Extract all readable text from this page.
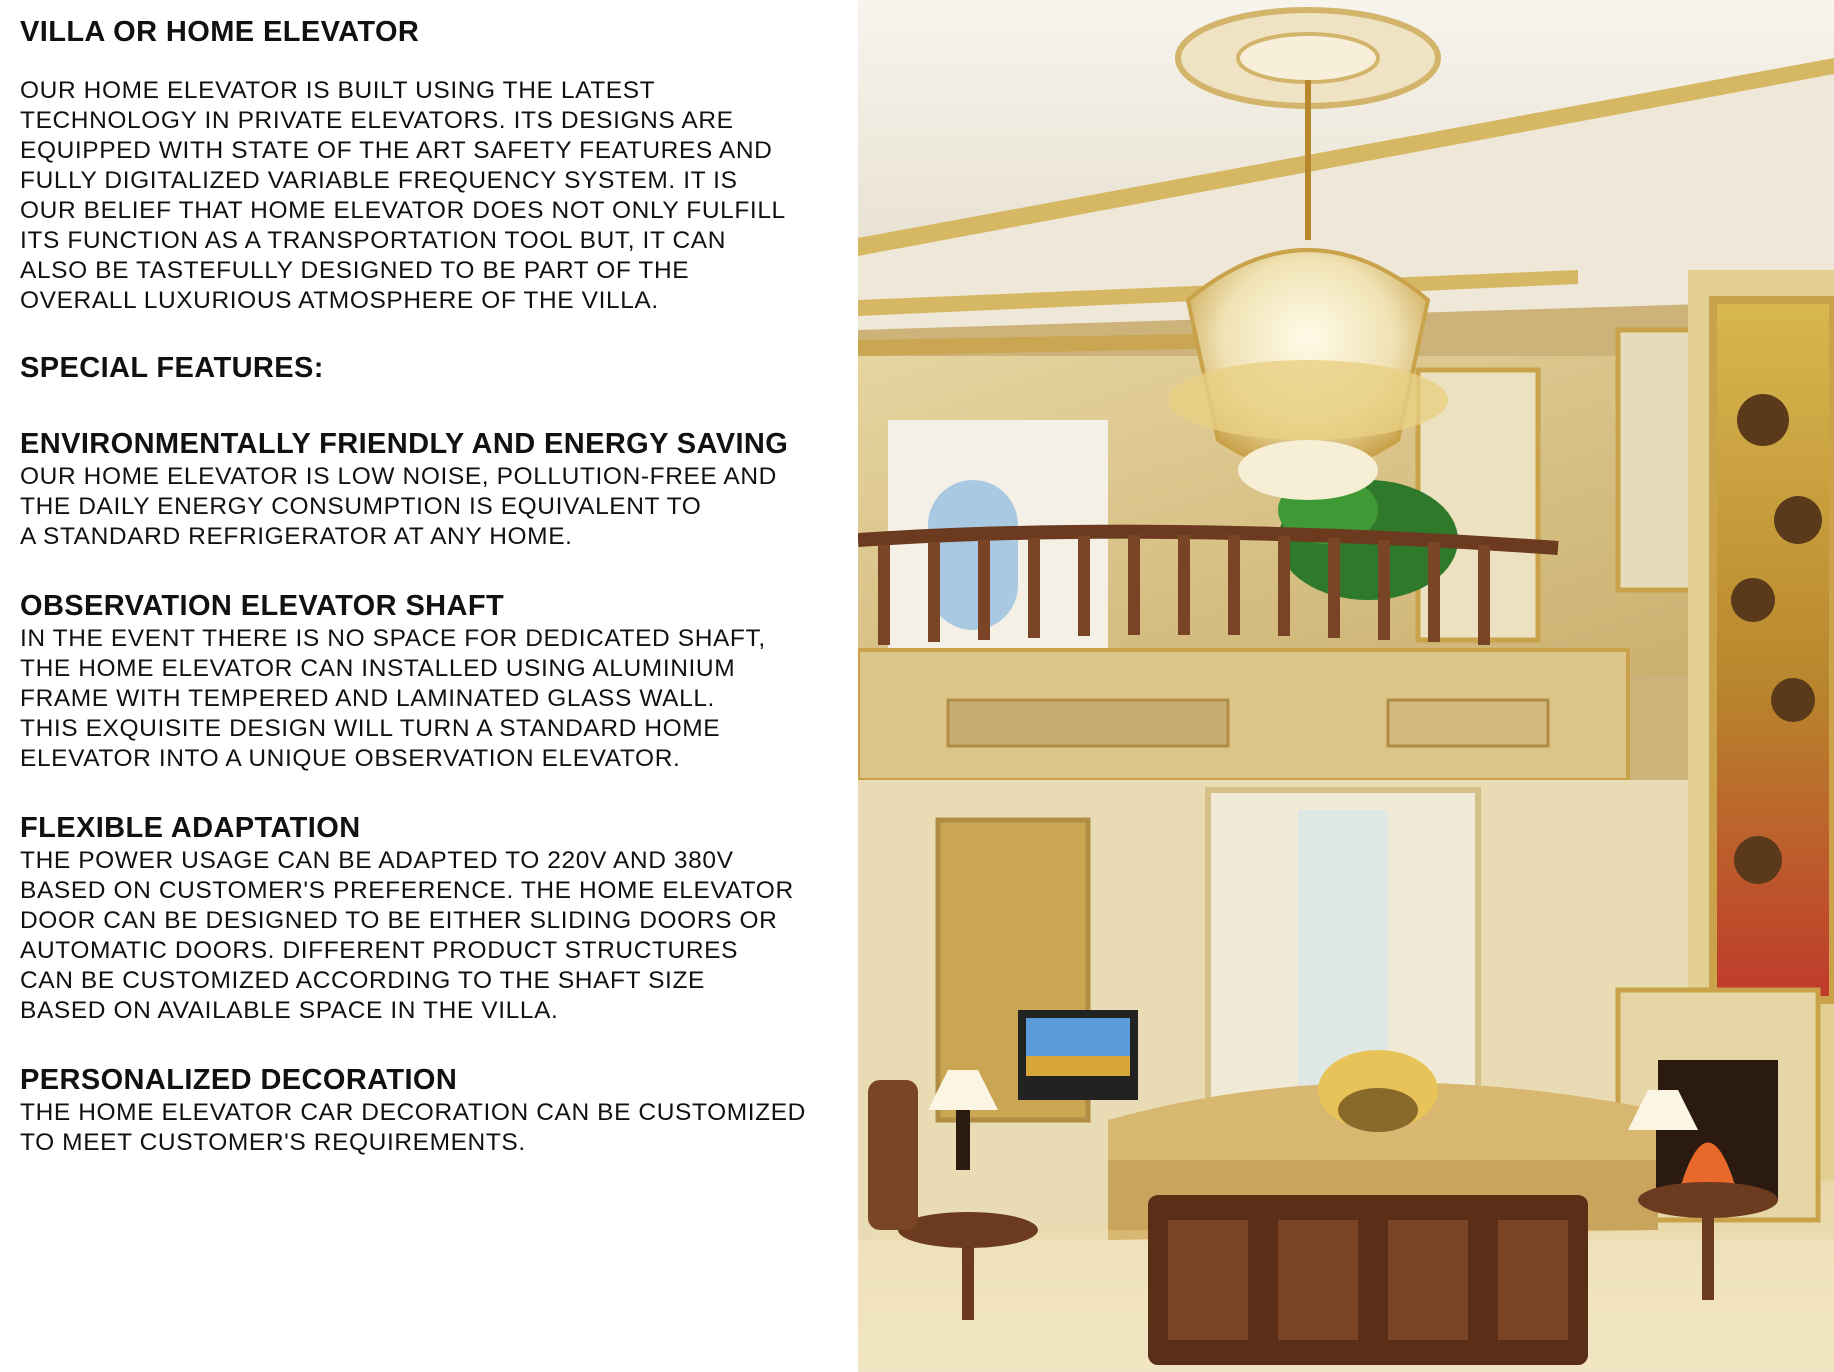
VILLA OR HOME ELEVATOR

OUR HOME ELEVATOR IS BUILT USING THE LATEST
TECHNOLOGY IN PRIVATE ELEVATORS. ITS DESIGNS ARE
EQUIPPED WITH STATE OF THE ART SAFETY FEATURES AND
FULLY DIGITALIZED VARIABLE FREQUENCY SYSTEM. IT IS
OUR BELIEF THAT HOME ELEVATOR DOES NOT ONLY FULFILL
ITS FUNCTION AS A TRANSPORTATION TOOL BUT, IT CAN
ALSO BE TASTEFULLY DESIGNED TO BE PART OF THE
OVERALL LUXURIOUS ATMOSPHERE OF THE VILLA.

SPECIAL FEATURES:
ENVIRONMENTALLY FRIENDLY AND ENERGY SAVING

OUR HOME ELEVATOR IS LOW NOISE, POLLUTION-FREE AND
THE DAILY ENERGY CONSUMPTION IS EQUIVALENT TO
A STANDARD REFRIGERATOR AT ANY HOME.

OBSERVATION ELEVATOR SHAFT

IN THE EVENT THERE IS NO SPACE FOR DEDICATED SHAFT,
THE HOME ELEVATOR CAN INSTALLED USING ALUMINIUM
FRAME WITH TEMPERED AND LAMINATED GLASS WALL.
THIS EXQUISITE DESIGN WILL TURN A STANDARD HOME
ELEVATOR INTO A UNIQUE OBSERVATION ELEVATOR.

FLEXIBLE ADAPTATION

THE POWER USAGE CAN BE ADAPTED TO 220V AND 380V
BASED ON CUSTOMER'S PREFERENCE. THE HOME ELEVATOR
DOOR CAN BE DESIGNED TO BE EITHER SLIDING DOORS OR
AUTOMATIC DOORS. DIFFERENT PRODUCT STRUCTURES
CAN BE CUSTOMIZED ACCORDING TO THE SHAFT SIZE
BASED ON AVAILABLE SPACE IN THE VILLA.

PERSONALIZED DECORATION

THE HOME ELEVATOR CAR DECORATION CAN BE CUSTOMIZED
TO MEET CUSTOMER'S REQUIREMENTS.
